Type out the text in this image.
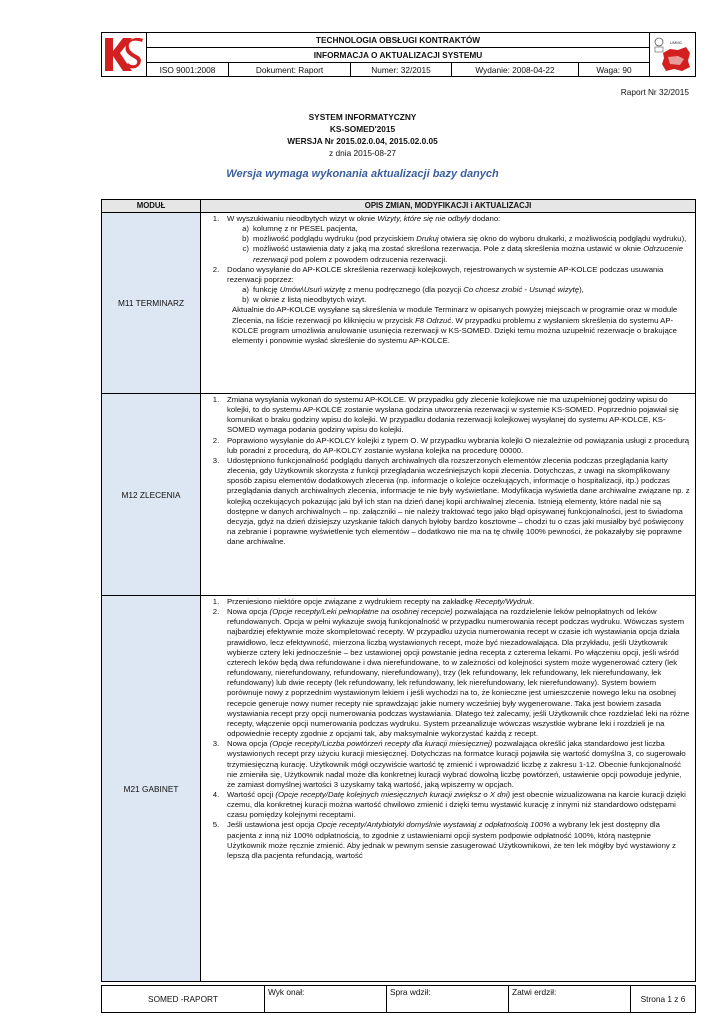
TECHNOLOGIA OBSŁUGI KONTRAKTÓW
INFORMACJA O AKTUALIZACJI SYSTEMU
ISO 9001:2008	Dokument: Raport	Numer: 32/2015	Wydanie: 2008-04-22	Waga: 90
UMMC
Raport Nr 32/2015
SYSTEM INFORMATYCZNY
KS-SOMED'2015
WERSJA Nr 2015.02.0.04, 2015.02.0.05
z dnia 2015-08-27
Wersja wymaga wykonania aktualizacji bazy danych
MODUŁ	OPIS ZMIAN, MODYFIKACJI i AKTUALIZACJI
M11 TERMINARZ
1.	W wyszukiwaniu nieodbytych wizyt w oknie Wizyty, które się nie odbyły dodano:
a) kolumnę z nr PESEL pacjenta,
b) możliwość podglądu wydruku (pod przyciskiem Drukuj otwiera się okno do wyboru drukarki, z możliwością podglądu wydruku),
c) możliwość ustawienia daty z jaką ma zostać skreślona rezerwacja. Pole z datą skreślenia można ustawić w oknie Odrzucenie rezerwacji pod polem z powodem odrzucenia rezerwacji.
2.	Dodano wysyłanie do AP-KOLCE skreślenia rezerwacji kolejkowych, rejestrowanych w systemie AP-KOLCE podczas usuwania rezerwacji poprzez:
a) funkcję Umów\Usuń wizytę z menu podręcznego (dla pozycji Co chcesz zrobić - Usunąć wizytę),
b) w oknie z listą nieodbytych wizyt.
Aktualnie do AP-KOLCE wysyłane są skreślenia w module Terminarz w opisanych powyżej miejscach w programie oraz w module Zlecenia, na liście rezerwacji po kliknięciu w przycisk F8 Odrzuć. W przypadku problemu z wysłaniem skreślenia do systemu AP-KOLCE program umożliwia anulowanie usunięcia rezerwacji w KS-SOMED. Dzięki temu można uzupełnić rezerwacje o brakujące elementy i ponownie wysłać skreślenie do systemu AP-KOLCE.
M12 ZLECENIA
1.	Zmiana wysyłania wykonań do systemu AP-KOLCE. W przypadku gdy zlecenie kolejkowe nie ma uzupełnionej godziny wpisu do kolejki, to do systemu AP-KOLCE zostanie wysłana godzina utworzenia rezerwacji w systemie KS-SOMED. Poprzednio pojawiał się komunikat o braku godziny wpisu do kolejki. W przypadku dodania rezerwacji kolejkowej wysyłanej do systemu AP-KOLCE, KS-SOMED wymaga podania godziny wpisu do kolejki.
2.	Poprawiono wysyłanie do AP-KOLCY kolejki z typem O. W przypadku wybrania kolejki O niezależnie od powiązania usługi z procedurą lub poradni z procedurą, do AP-KOLCY zostanie wysłana kolejka na procedurę 00000.
3.	Udostępniono funkcjonalność podglądu danych archiwalnych dla rozszerzonych elementów zlecenia podczas przeglądania karty zlecenia, gdy Użytkownik skorzysta z funkcji przeglądania wcześniejszych kopii zlecenia. Dotychczas, z uwagi na skomplikowany sposób zapisu elementów dodatkowych zlecenia (np. informacje o kolejce oczekujących, informacje o hospitalizacji, itp.) podczas przeglądania danych archiwalnych zlecenia, informacje te nie były wyświetlane. Modyfikacja wyświetla dane archiwalne związane np. z kolejką oczekujących pokazując jaki był ich stan na dzień danej kopii archiwalnej zlecenia. Istnieją elementy, które nadal nie są dostępne w danych archiwalnych – np. załączniki – nie należy traktować tego jako błąd opisywanej funkcjonalności, jest to świadoma decyzja, gdyż na dzień dzisiejszy uzyskanie takich danych byłoby bardzo kosztowne – chodzi tu o czas jaki musiałby być poświęcony na zebranie i poprawne wyświetlenie tych elementów – dodatkowo nie ma na tę chwilę 100% pewności, że pokazałyby się poprawne dane archiwalne.
M21 GABINET
1.	Przeniesiono niektóre opcje związane z wydrukiem recepty na zakładkę Recepty/Wydruk.
2.	Nowa opcja (Opcje recepty/Leki pełnopłatne na osobnej recepcie) pozwalająca na rozdzielenie leków pełnopłatnych od leków refundowanych. Opcja w pełni wykazuje swoją funkcjonalność w przypadku numerowania recept podczas wydruku. Wówczas system najbardziej efektywnie może skompletować recepty. W przypadku użycia numerowania recept w czasie ich wystawiania opcja działa prawidłowo, lecz efektywność, mierzona liczbą wystawionych recept, może być niezadowalająca. Dla przykładu, jeśli Użytkownik wybierze cztery leki jednocześnie – bez ustawionej opcji powstanie jedna recepta z czterema lekami. Po włączeniu opcji, jeśli wśród czterech leków będą dwa refundowane i dwa nierefundowane, to w zależności od kolejności system może wygenerować cztery (lek refundowany, nierefundowany, refundowany, nierefundowany), trzy (lek refundowany, lek refundowany, lek nierefundowany, lek refundowany) lub dwie recepty (lek refundowany, lek refundowany, lek nierefundowany, lek nierefundowany). System bowiem porównuje nowy z poprzednim wystawionym lekiem i jeśli wychodzi na to, że konieczne jest umieszczenie nowego leku na osobnej recepcie generuje nowy numer recepty nie sprawdzając jakie numery wcześniej były wygenerowane. Taka jest bowiem zasada wystawiania recept przy opcji numerowania podczas wystawiania. Dlatego też zalecamy, jeśli Użytkownik chce rozdzielać leki na różne recepty, włączenie opcji numerowania podczas wydruku. System przeanalizuje wówczas wszystkie wybrane leki i rozdzieli je na odpowiednie recepty zgodnie z opcjami tak, aby maksymalnie wykorzystać każdą z recept.
3.	Nowa opcja (Opcje recepty/Liczba powtórzeń recepty dla kuracji miesięcznej) pozwalająca określić jaka standardowo jest liczba wystawionych recept przy użyciu kuracji miesięcznej. Dotychczas na formatce kuracji pojawiła się wartość domyślna 3, co sugerowało trzymiesięczną kurację. Użytkownik mógł oczywiście wartość tę zmienić i wprowadzić liczbę z zakresu 1-12. Obecnie funkcjonalność nie zmieniła się, Użytkownik nadal może dla konkretnej kuracji wybrać dowolną liczbę powtórzeń, ustawienie opcji powoduje jedynie, że zamiast domyślnej wartości 3 uzyskamy taką wartość, jaką wpiszemy w opcjach.
4.	Wartość opcji (Opcje recepty/Datę kolejnych miesięcznych kuracji zwiększ o X dni) jest obecnie wizualizowana na karcie kuracji dzięki czemu, dla konkretnej kuracji można wartość chwilowo zmienić i dzięki temu wystawić kurację z innymi niż standardowo odstępami czasu pomiędzy kolejnymi receptami.
5.	Jeśli ustawiona jest opcja Opcje recepty/Antybiotyki domyślnie wystawiaj z odpłatnością 100% a wybrany lek jest dostępny dla pacjenta z inną niż 100% odpłatnością, to zgodnie z ustawieniami opcji system podpowie odpłatność 100%, którą następnie Użytkownik może ręcznie zmienić. Aby jednak w pewnym sensie zasugerować Użytkownikowi, że ten lek mógłby być wystawiony z lepszą dla pacjenta refundacją, wartość
SOMED -RAPORT
Wyk onał:	Spra wdził:	Zatwi erdził:
Strona 1 z 6
